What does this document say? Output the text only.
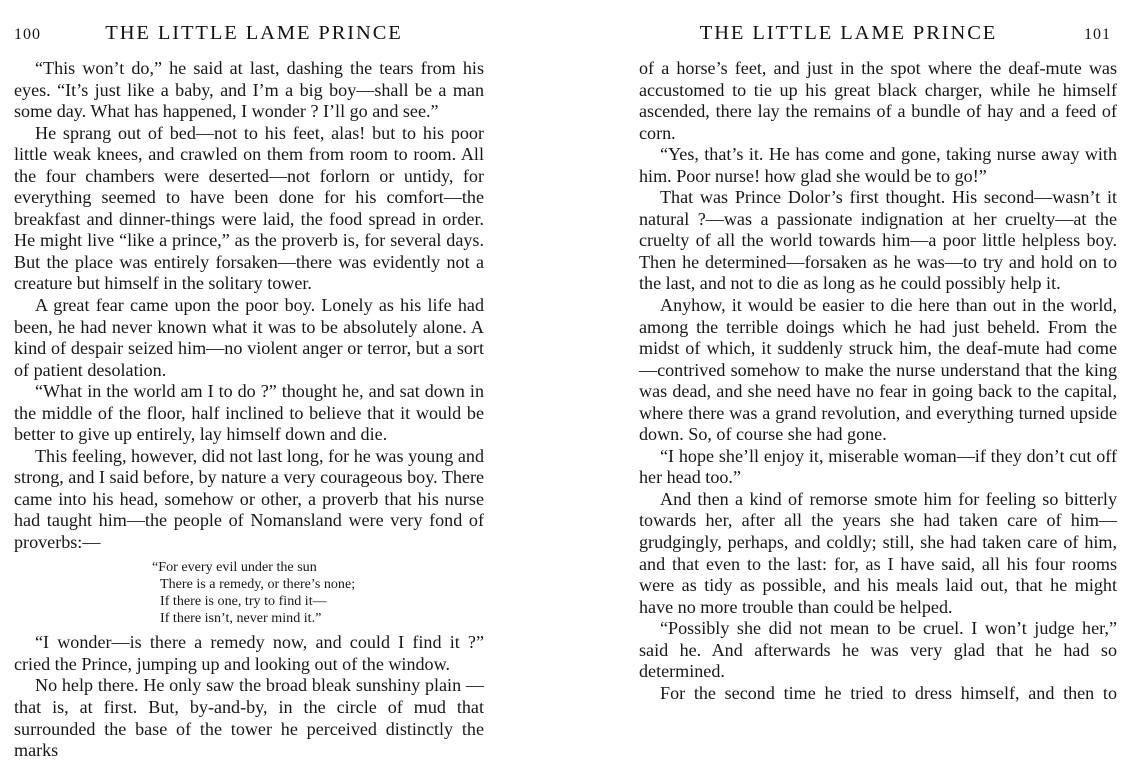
100	THE LITTLE LAME PRINCE

“This won’t do,” he said at last, dashing the tears from his eyes. “It’s just like a baby, and I’m a big boy—shall be a man some day. What has happened, I wonder ? I’ll go and see.”

He sprang out of bed—not to his feet, alas! but to his poor little weak knees, and crawled on them from room to room. All the four chambers were deserted—not forlorn or untidy, for everything seemed to have been done for his comfort—the breakfast and dinner-things were laid, the food spread in order. He might live “like a prince,” as the proverb is, for several days. But the place was entirely forsaken—there was evidently not a creature but himself in the solitary tower.

A great fear came upon the poor boy. Lonely as his life had been, he had never known what it was to be absolutely alone. A kind of despair seized him—no violent anger or terror, but a sort of patient desolation.

“What in the world am I to do ?” thought he, and sat down in the middle of the floor, half inclined to believe that it would be better to give up entirely, lay himself down and die.

This feeling, however, did not last long, for he was young and strong, and I said before, by nature a very courageous boy. There came into his head, somehow or other, a proverb that his nurse had taught him—the people of Nomansland were very fond of proverbs:—

“For every evil under the sun
There is a remedy, or there’s none;
If there is one, try to find it—
If there isn’t, never mind it.”

“I wonder—is there a remedy now, and could I find it ?” cried the Prince, jumping up and looking out of the window.

No help there. He only saw the broad bleak sunshiny plain —that is, at first. But, by-and-by, in the circle of mud that surrounded the base of the tower he perceived distinctly the marks

THE LITTLE LAME PRINCE	101

of a horse’s feet, and just in the spot where the deaf-mute was accustomed to tie up his great black charger, while he himself ascended, there lay the remains of a bundle of hay and a feed of corn.

“Yes, that’s it. He has come and gone, taking nurse away with him. Poor nurse! how glad she would be to go!”

That was Prince Dolor’s first thought. His second—wasn’t it natural ?—was a passionate indignation at her cruelty—at the cruelty of all the world towards him—a poor little helpless boy. Then he determined—forsaken as he was—to try and hold on to the last, and not to die as long as he could possibly help it.

Anyhow, it would be easier to die here than out in the world, among the terrible doings which he had just beheld. From the midst of which, it suddenly struck him, the deaf-mute had come—contrived somehow to make the nurse understand that the king was dead, and she need have no fear in going back to the capital, where there was a grand revolution, and everything turned upside down. So, of course she had gone.

“I hope she’ll enjoy it, miserable woman—if they don’t cut off her head too.”

And then a kind of remorse smote him for feeling so bitterly towards her, after all the years she had taken care of him— grudgingly, perhaps, and coldly; still, she had taken care of him, and that even to the last: for, as I have said, all his four rooms were as tidy as possible, and his meals laid out, that he might have no more trouble than could be helped.

“Possibly she did not mean to be cruel. I won’t judge her,” said he. And afterwards he was very glad that he had so determined.

For the second time he tried to dress himself, and then to
